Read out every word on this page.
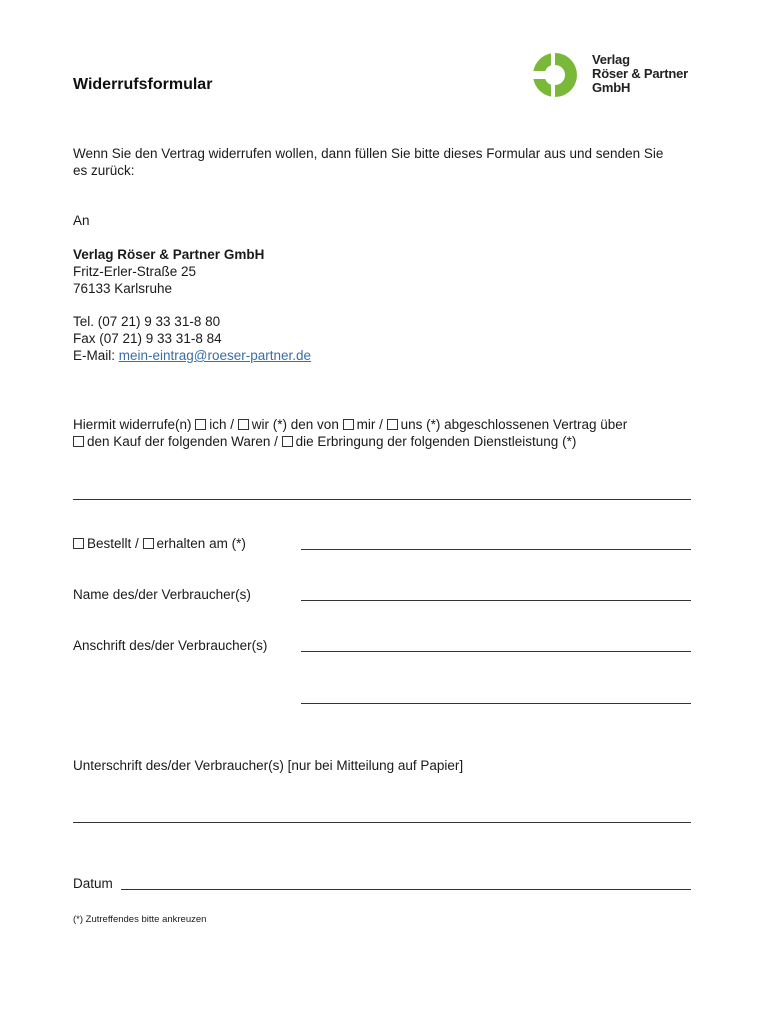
Widerrufsformular
Verlag
Röser & Partner
GmbH
Wenn Sie den Vertrag widerrufen wollen, dann füllen Sie bitte dieses Formular aus und senden Sie es zurück:
An
Verlag Röser & Partner GmbH
Fritz-Erler-Straße 25
76133 Karlsruhe
Tel. (07 21) 9 33 31-8 80
Fax (07 21) 9 33 31-8 84
E-Mail: mein-eintrag@roeser-partner.de
Hiermit widerrufe(n) ich / wir (*) den von mir / uns (*) abgeschlossenen Vertrag über
den Kauf der folgenden Waren / die Erbringung der folgenden Dienstleistung (*)
Bestellt / erhalten am (*)
Name des/der Verbraucher(s)
Anschrift des/der Verbraucher(s)
Unterschrift des/der Verbraucher(s) [nur bei Mitteilung auf Papier]
Datum
(*) Zutreffendes bitte ankreuzen
